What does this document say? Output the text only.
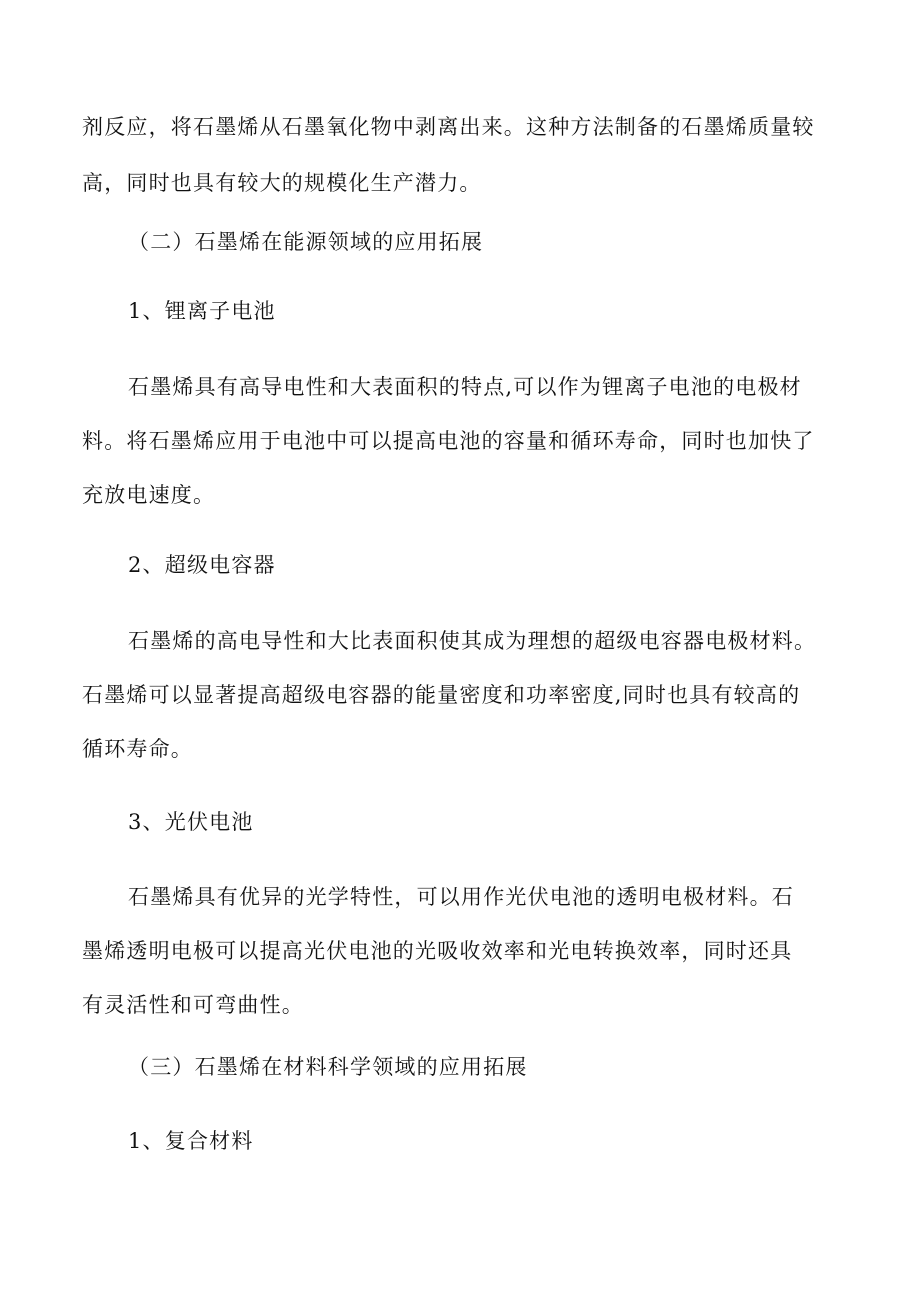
剂反应，将石墨烯从石墨氧化物中剥离出来。这种方法制备的石墨烯质量较
高，同时也具有较大的规模化生产潜力。
（二）石墨烯在能源领域的应用拓展
1、锂离子电池
石墨烯具有高导电性和大表面积的特点,可以作为锂离子电池的电极材
料。将石墨烯应用于电池中可以提高电池的容量和循环寿命，同时也加快了
充放电速度。
2、超级电容器
石墨烯的高电导性和大比表面积使其成为理想的超级电容器电极材料。
石墨烯可以显著提高超级电容器的能量密度和功率密度,同时也具有较高的
循环寿命。
3、光伏电池
石墨烯具有优异的光学特性，可以用作光伏电池的透明电极材料。石
墨烯透明电极可以提高光伏电池的光吸收效率和光电转换效率，同时还具
有灵活性和可弯曲性。
（三）石墨烯在材料科学领域的应用拓展
1、复合材料
